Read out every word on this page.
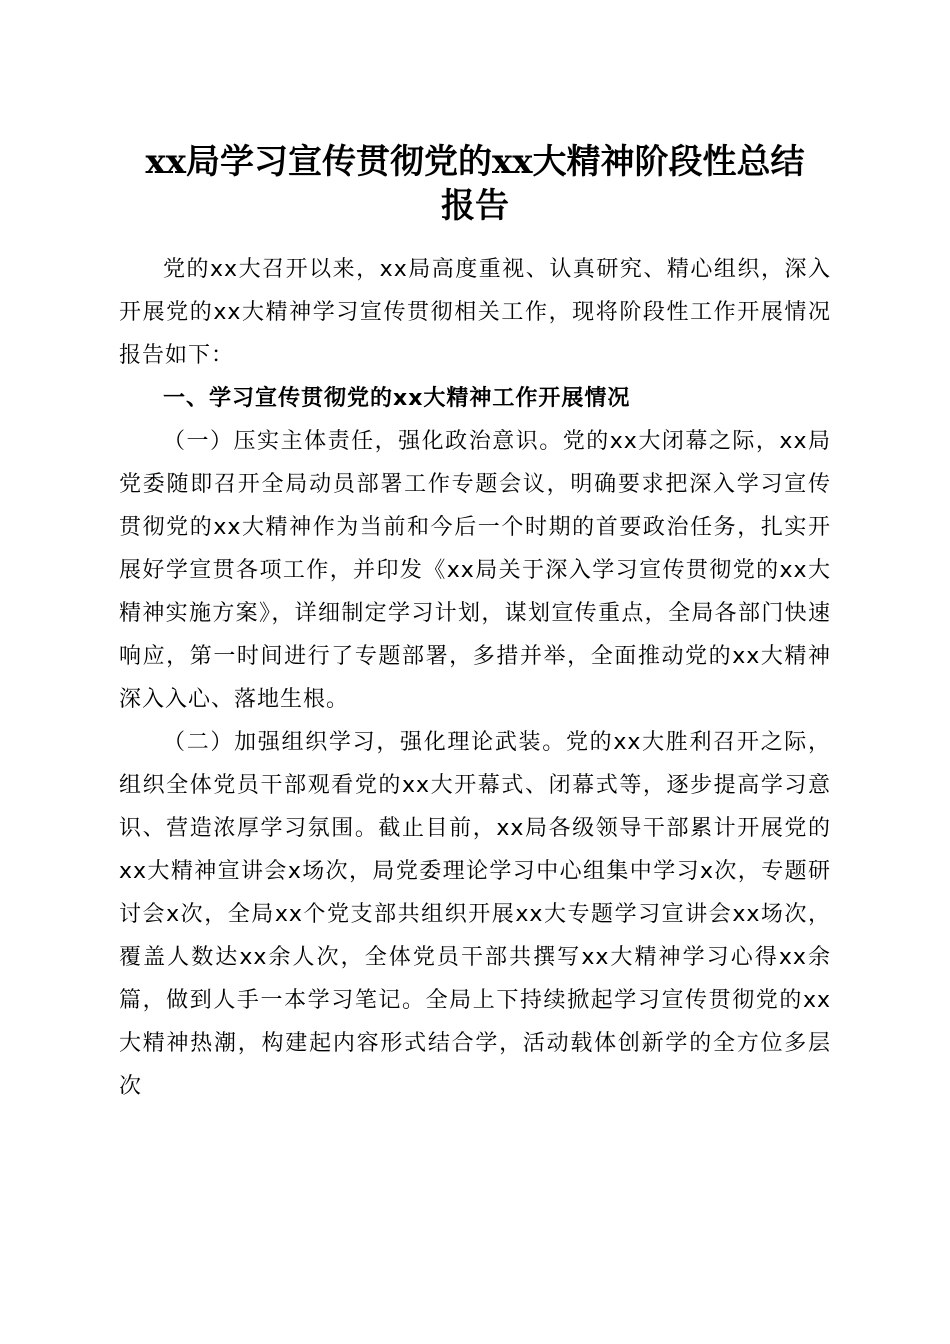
xx局学习宣传贯彻党的xx大精神阶段性总结
报告

党的xx大召开以来，xx局高度重视、认真研究、精心组织，深入开展党的xx大精神学习宣传贯彻相关工作，现将阶段性工作开展情况报告如下：

一、学习宣传贯彻党的xx大精神工作开展情况

（一）压实主体责任，强化政治意识。党的xx大闭幕之际，xx局党委随即召开全局动员部署工作专题会议，明确要求把深入学习宣传贯彻党的xx大精神作为当前和今后一个时期的首要政治任务，扎实开展好学宣贯各项工作，并印发《xx局关于深入学习宣传贯彻党的xx大精神实施方案》，详细制定学习计划，谋划宣传重点，全局各部门快速响应，第一时间进行了专题部署，多措并举，全面推动党的xx大精神深入入心、落地生根。

（二）加强组织学习，强化理论武装。党的xx大胜利召开之际，组织全体党员干部观看党的xx大开幕式、闭幕式等，逐步提高学习意识、营造浓厚学习氛围。截止目前，xx局各级领导干部累计开展党的xx大精神宣讲会x场次，局党委理论学习中心组集中学习x次，专题研讨会x次，全局xx个党支部共组织开展xx大专题学习宣讲会xx场次，覆盖人数达xx余人次，全体党员干部共撰写xx大精神学习心得xx余篇，做到人手一本学习笔记。全局上下持续掀起学习宣传贯彻党的xx大精神热潮，构建起内容形式结合学，活动载体创新学的全方位多层次
